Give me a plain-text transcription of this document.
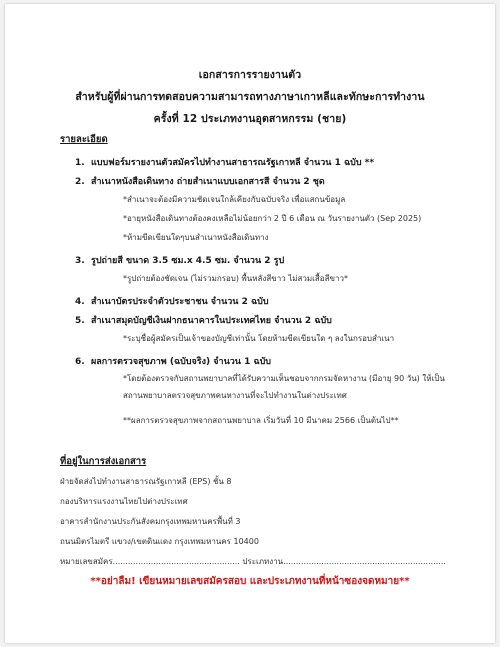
เอกสารการรายงานตัว
สำหรับผู้ที่ผ่านการทดสอบความสามารถทางภาษาเกาหลีและทักษะการทำงาน
ครั้งที่ 12 ประเภทงานอุตสาหกรรม (ชาย)
รายละเอียด
1. แบบฟอร์มรายงานตัวสมัครไปทำงานสาธารณรัฐเกาหลี จำนวน 1 ฉบับ **
2. สำเนาหนังสือเดินทาง ถ่ายสำเนาแบบเอกสารสี จำนวน 2 ชุด
*สำเนาจะต้องมีความชัดเจนใกล้เคียงกับฉบับจริง เพื่อแสกนข้อมูล
*อายุหนังสือเดินทางต้องคงเหลือไม่น้อยกว่า 2 ปี 6 เดือน ณ วันรายงานตัว (Sep 2025)
*ห้ามขีดเขียนใดๆบนสำเนาหนังสือเดินทาง
3. รูปถ่ายสี ขนาด 3.5 ซม.x 4.5 ซม. จำนวน 2 รูป
*รูปถ่ายต้องชัดเจน (ไม่รวมกรอบ) พื้นหลังสีขาว ไม่สวมเสื้อสีขาว*
4. สำเนาบัตรประจำตัวประชาชน จำนวน 2 ฉบับ
5. สำเนาสมุดบัญชีเงินฝากธนาคารในประเทศไทย จำนวน 2 ฉบับ
*ระบุชื่อผู้สมัครเป็นเจ้าของบัญชีเท่านั้น โดยห้ามขีดเขียนใด ๆ ลงในกรอบสำเนา
6. ผลการตรวจสุขภาพ (ฉบับจริง) จำนวน 1 ฉบับ
*โดยต้องตรวจกับสถานพยาบาลที่ได้รับความเห็นชอบจากกรมจัดหางาน (มีอายุ 90 วัน) ให้เป็นสถานพยาบาลตรวจสุขภาพคนหางานที่จะไปทำงานในต่างประเทศ
**ผลการตรวจสุขภาพจากสถานพยาบาล เริ่มวันที่ 10 มีนาคม 2566 เป็นต้นไป**
ที่อยู่ในการส่งเอกสาร
ฝ่ายจัดส่งไปทำงานสาธารณรัฐเกาหลี (EPS) ชั้น 8
กองบริหารแรงงานไทยไปต่างประเทศ
อาคารสำนักงานประกันสังคมกรุงเทพมหานครพื้นที่ 3
ถนนมิตรไมตรี แขวง/เขตดินแดง กรุงเทพมหานคร 10400
หมายเลขสมัคร.................................................. ประเภทงาน................................................................
**อย่าลืม! เขียนหมายเลขสมัครสอบ และประเภทงานที่หน้าซองจดหมาย**
